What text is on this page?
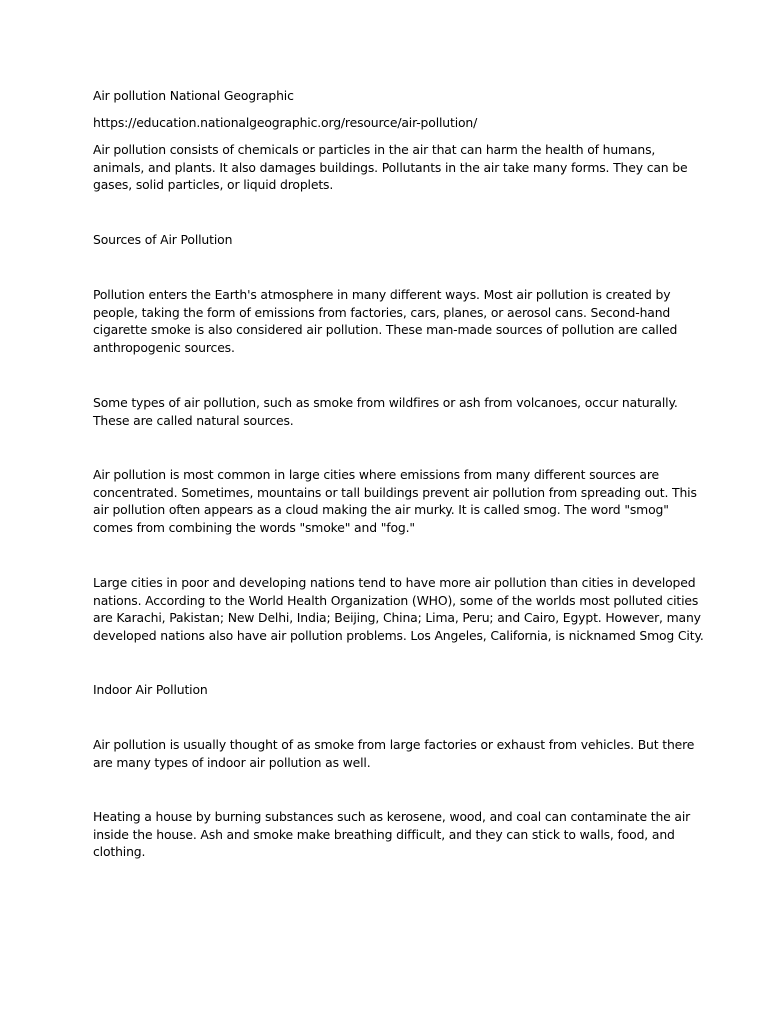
Air pollution National Geographic

https://education.nationalgeographic.org/resource/air-pollution/

Air pollution consists of chemicals or particles in the air that can harm the health of humans,
animals, and plants. It also damages buildings. Pollutants in the air take many forms. They can be
gases, solid particles, or liquid droplets.

Sources of Air Pollution

Pollution enters the Earth's atmosphere in many different ways. Most air pollution is created by
people, taking the form of emissions from factories, cars, planes, or aerosol cans. Second-hand
cigarette smoke is also considered air pollution. These man-made sources of pollution are called
anthropogenic sources.

Some types of air pollution, such as smoke from wildfires or ash from volcanoes, occur naturally.
These are called natural sources.

Air pollution is most common in large cities where emissions from many different sources are
concentrated. Sometimes, mountains or tall buildings prevent air pollution from spreading out. This
air pollution often appears as a cloud making the air murky. It is called smog. The word "smog"
comes from combining the words "smoke" and "fog."

Large cities in poor and developing nations tend to have more air pollution than cities in developed
nations. According to the World Health Organization (WHO), some of the worlds most polluted cities
are Karachi, Pakistan; New Delhi, India; Beijing, China; Lima, Peru; and Cairo, Egypt. However, many
developed nations also have air pollution problems. Los Angeles, California, is nicknamed Smog City.

Indoor Air Pollution

Air pollution is usually thought of as smoke from large factories or exhaust from vehicles. But there
are many types of indoor air pollution as well.

Heating a house by burning substances such as kerosene, wood, and coal can contaminate the air
inside the house. Ash and smoke make breathing difficult, and they can stick to walls, food, and
clothing.
